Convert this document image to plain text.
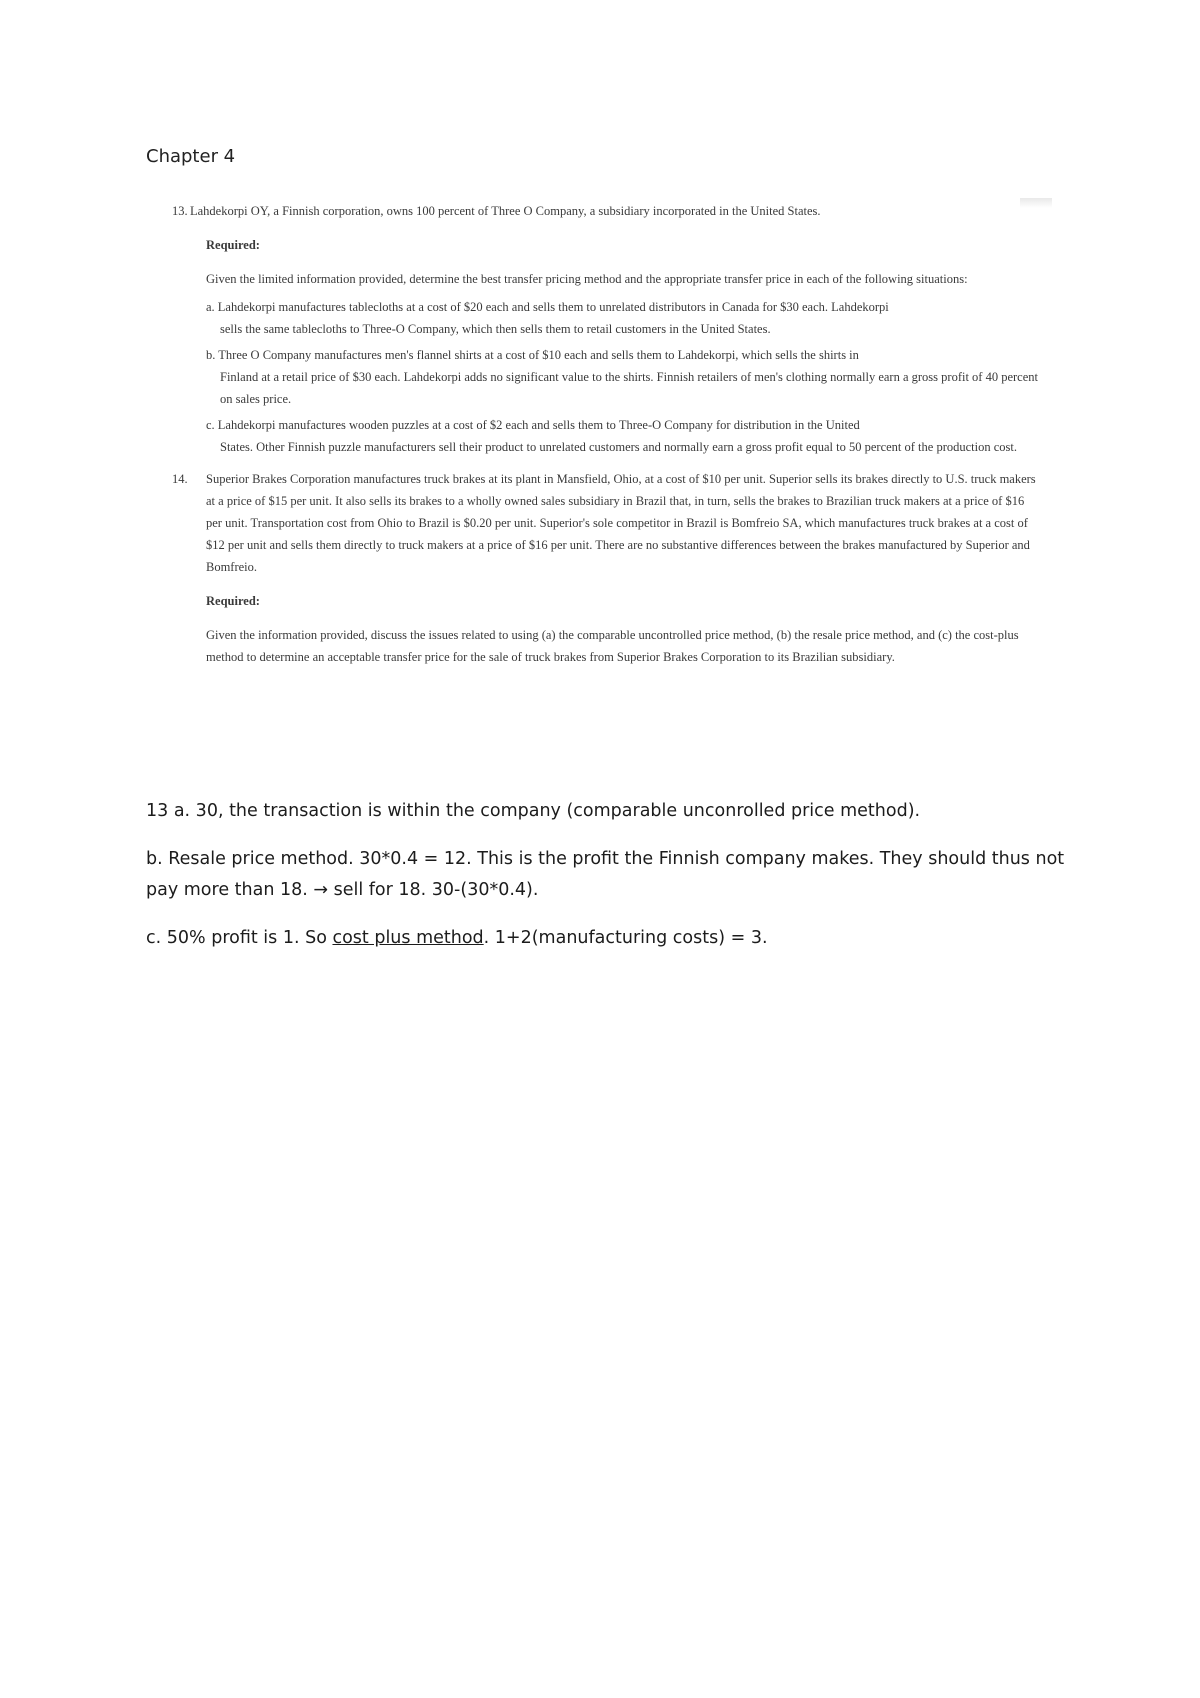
Chapter 4
13. Lahdekorpi OY, a Finnish corporation, owns 100 percent of Three O Company, a subsidiary incorporated in the United States.
Required:
Given the limited information provided, determine the best transfer pricing method and the appropriate transfer price in each of the following situations:
a. Lahdekorpi manufactures tablecloths at a cost of $20 each and sells them to unrelated distributors in Canada for $30 each. Lahdekorpi
sells the same tablecloths to Three-O Company, which then sells them to retail customers in the United States.
b. Three O Company manufactures men's flannel shirts at a cost of $10 each and sells them to Lahdekorpi, which sells the shirts in
Finland at a retail price of $30 each. Lahdekorpi adds no significant value to the shirts. Finnish retailers of men's clothing normally earn a gross profit of 40 percent on sales price.
c. Lahdekorpi manufactures wooden puzzles at a cost of $2 each and sells them to Three-O Company for distribution in the United
States. Other Finnish puzzle manufacturers sell their product to unrelated customers and normally earn a gross profit equal to 50 percent of the production cost.
14.	Superior Brakes Corporation manufactures truck brakes at its plant in Mansfield, Ohio, at a cost of $10 per unit. Superior sells its brakes directly to U.S. truck makers at a price of $15 per unit. It also sells its brakes to a wholly owned sales subsidiary in Brazil that, in turn, sells the brakes to Brazilian truck makers at a price of $16 per unit. Transportation cost from Ohio to Brazil is $0.20 per unit. Superior's sole competitor in Brazil is Bomfreio SA, which manufactures truck brakes at a cost of $12 per unit and sells them directly to truck makers at a price of $16 per unit. There are no substantive differences between the brakes manufactured by Superior and Bomfreio.
Required:
Given the information provided, discuss the issues related to using (a) the comparable uncontrolled price method, (b) the resale price method, and (c) the cost-plus method to determine an acceptable transfer price for the sale of truck brakes from Superior Brakes Corporation to its Brazilian subsidiary.

13 a. 30, the transaction is within the company (comparable unconrolled price method).

b. Resale price method. 30*0.4 = 12. This is the profit the Finnish company makes. They should thus not pay more than 18. → sell for 18. 30-(30*0.4).

c. 50% profit is 1. So cost plus method. 1+2(manufacturing costs) = 3.
